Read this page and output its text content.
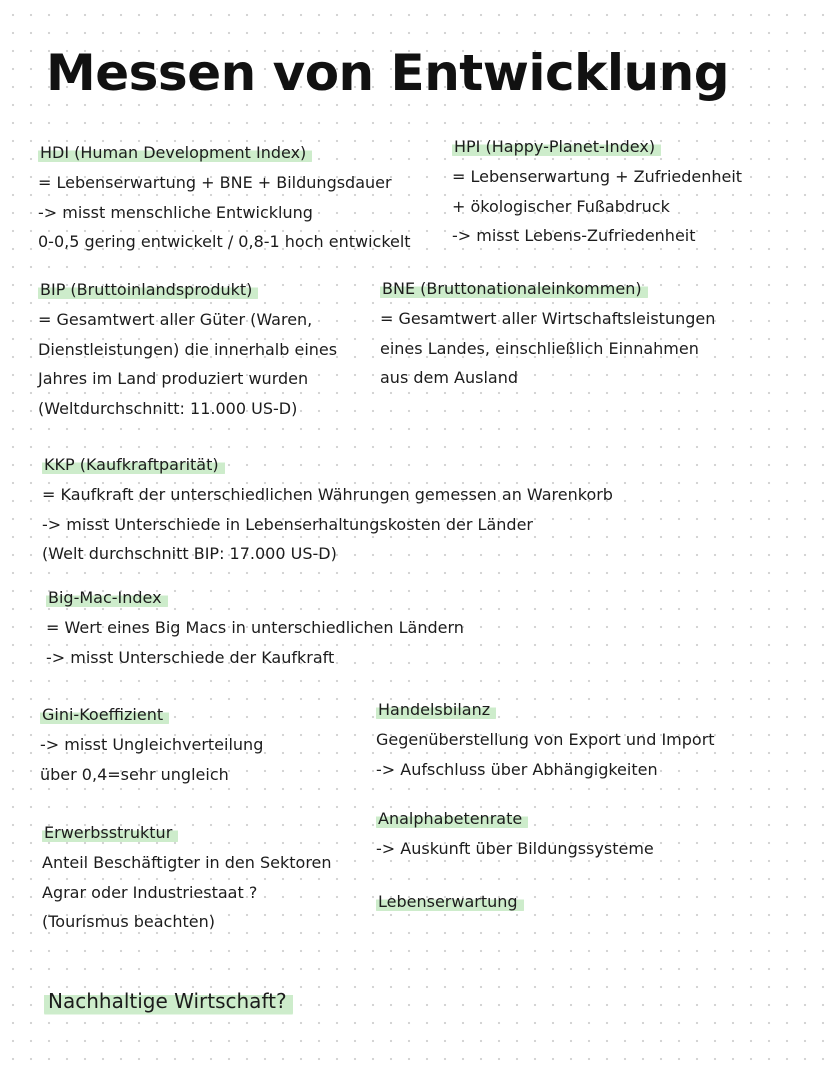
Messen von Entwicklung
HDI (Human Development Index)

= Lebenserwartung + BNE + Bildungsdauer

-> misst menschliche Entwicklung

0-0,5 gering entwickelt / 0,8-1 hoch entwickelt

HPI (Happy-Planet-Index)

= Lebenserwartung + Zufriedenheit

+ ökologischer Fußabdruck

-> misst Lebens-Zufriedenheit

BIP (Bruttoinlandsprodukt)

= Gesamtwert aller Güter (Waren,

Dienstleistungen) die innerhalb eines

Jahres im Land produziert wurden

(Weltdurchschnitt: 11.000 US-D)

BNE (Bruttonationaleinkommen)

= Gesamtwert aller Wirtschaftsleistungen

eines Landes, einschließlich Einnahmen

aus dem Ausland

KKP (Kaufkraftparität)

= Kaufkraft der unterschiedlichen Währungen gemessen an Warenkorb

-> misst Unterschiede in Lebenserhaltungskosten der Länder

(Welt durchschnitt BIP: 17.000 US-D)

Big-Mac-Index

= Wert eines Big Macs in unterschiedlichen Ländern

-> misst Unterschiede der Kaufkraft

Gini-Koeffizient

-> misst Ungleichverteilung

über 0,4=sehr ungleich

Handelsbilanz

Gegenüberstellung von Export und Import

-> Aufschluss über Abhängigkeiten

Erwerbsstruktur

Anteil Beschäftigter in den Sektoren

Agrar oder Industriestaat ?

(Tourismus beachten)

Analphabetenrate

-> Auskunft über Bildungssysteme

Lebenserwartung
Nachhaltige Wirtschaft?
